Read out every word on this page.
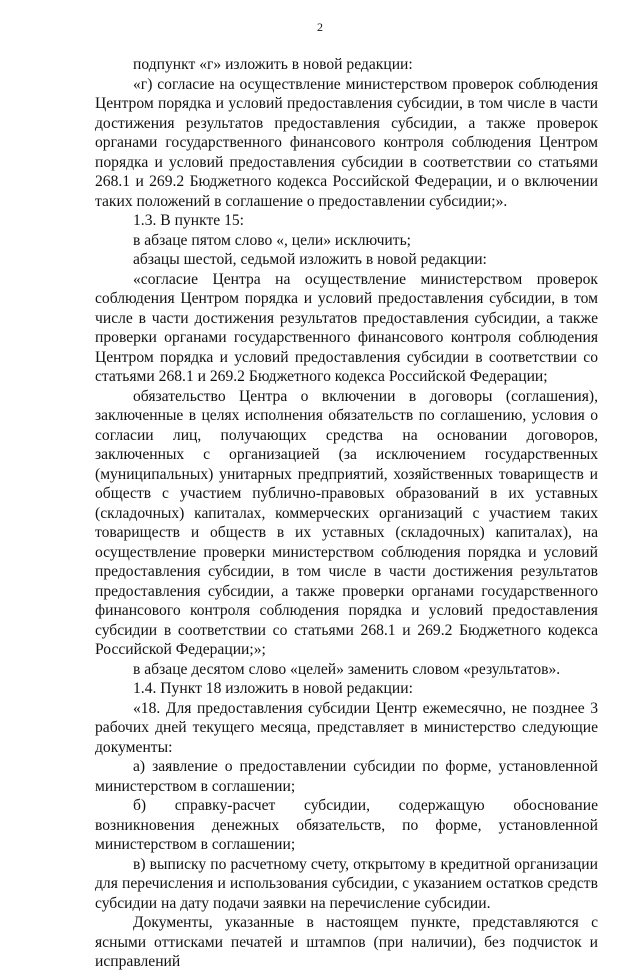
2

подпункт «г» изложить в новой редакции:

«г) согласие на осуществление министерством проверок соблюдения Центром порядка и условий предоставления субсидии, в том числе в части достижения результатов предоставления субсидии, а также проверок органами государственного финансового контроля соблюдения Центром порядка и условий предоставления субсидии в соответствии со статьями 268.1 и 269.2 Бюджетного кодекса Российской Федерации, и о включении таких положений в соглашение о предоставлении субсидии;».

1.3. В пункте 15:

в абзаце пятом слово «, цели» исключить;

абзацы шестой, седьмой изложить в новой редакции:

«согласие Центра на осуществление министерством проверок соблюдения Центром порядка и условий предоставления субсидии, в том числе в части достижения результатов предоставления субсидии, а также проверки органами государственного финансового контроля соблюдения Центром порядка и условий предоставления субсидии в соответствии со статьями 268.1 и 269.2 Бюджетного кодекса Российской Федерации;

обязательство Центра о включении в договоры (соглашения), заключенные в целях исполнения обязательств по соглашению, условия о согласии лиц, получающих средства на основании договоров, заключенных с организацией (за исключением государственных (муниципальных) унитарных предприятий, хозяйственных товариществ и обществ с участием публично-правовых образований в их уставных (складочных) капиталах, коммерческих организаций с участием таких товариществ и обществ в их уставных (складочных) капиталах), на осуществление проверки министерством соблюдения порядка и условий предоставления субсидии, в том числе в части достижения результатов предоставления субсидии, а также проверки органами государственного финансового контроля соблюдения порядка и условий предоставления субсидии в соответствии со статьями 268.1 и 269.2 Бюджетного кодекса Российской Федерации;»;

в абзаце десятом слово «целей» заменить словом «результатов».

1.4. Пункт 18 изложить в новой редакции:

«18. Для предоставления субсидии Центр ежемесячно, не позднее 3 рабочих дней текущего месяца, представляет в министерство следующие документы:

а) заявление о предоставлении субсидии по форме, установленной министерством в соглашении;

б) справку-расчет субсидии, содержащую обоснование возникновения денежных обязательств, по форме, установленной министерством в соглашении;

в) выписку по расчетному счету, открытому в кредитной организации для перечисления и использования субсидии, с указанием остатков средств субсидии на дату подачи заявки на перечисление субсидии.

Документы, указанные в настоящем пункте, представляются с ясными оттисками печатей и штампов (при наличии), без подчисток и исправлений
